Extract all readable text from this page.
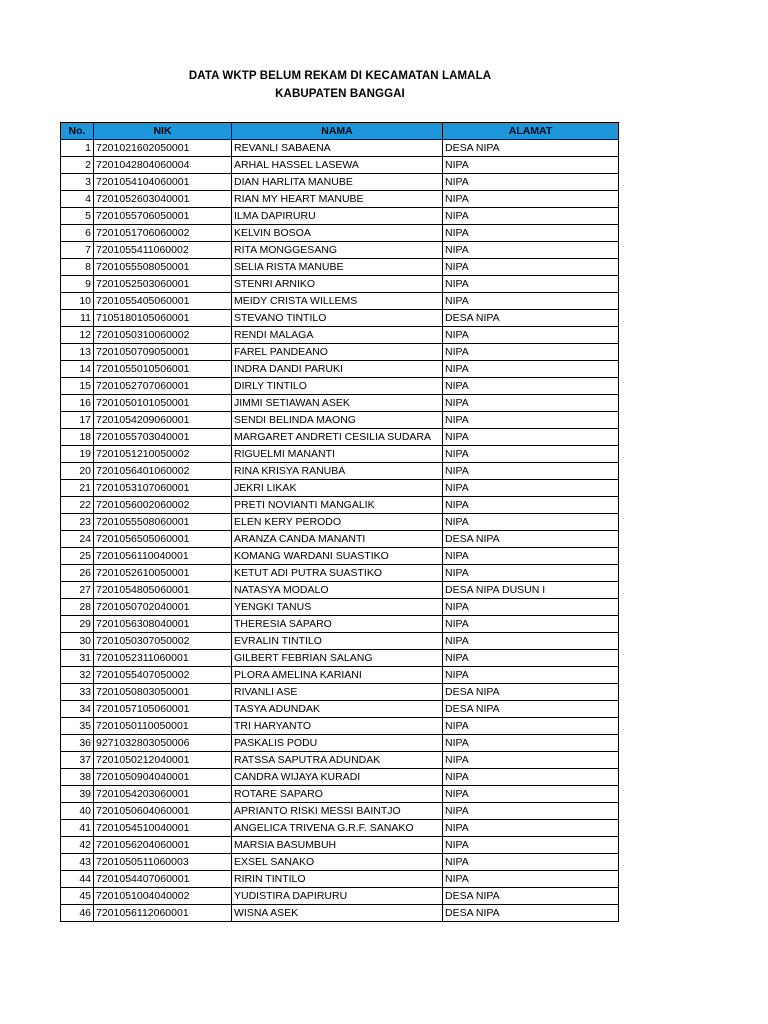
DATA WKTP BELUM REKAM DI KECAMATAN LAMALA
KABUPATEN BANGGAI
No.	NIK	NAMA	ALAMAT
1	7201021602050001	REVANLI SABAENA	DESA NIPA
2	7201042804060004	ARHAL HASSEL LASEWA	NIPA
3	7201054104060001	DIAN HARLITA MANUBE	NIPA
4	7201052603040001	RIAN MY HEART MANUBE	NIPA
5	7201055706050001	ILMA DAPIRURU	NIPA
6	7201051706060002	KELVIN BOSOA	NIPA
7	7201055411060002	RITA MONGGESANG	NIPA
8	7201055508050001	SELIA RISTA MANUBE	NIPA
9	7201052503060001	STENRI ARNIKO	NIPA
10	7201055405060001	MEIDY CRISTA WILLEMS	NIPA
11	7105180105060001	STEVANO TINTILO	DESA NIPA
12	7201050310060002	RENDI MALAGA	NIPA
13	7201050709050001	FAREL PANDEANO	NIPA
14	7201055010506001	INDRA DANDI PARUKI	NIPA
15	7201052707060001	DIRLY TINTILO	NIPA
16	7201050101050001	JIMMI SETIAWAN ASEK	NIPA
17	7201054209060001	SENDI BELINDA MAONG	NIPA
18	7201055703040001	MARGARET ANDRETI CESILIA SUDARA	NIPA
19	7201051210050002	RIGUELMI MANANTI	NIPA
20	7201056401060002	RINA KRISYA RANUBA	NIPA
21	7201053107060001	JEKRI LIKAK	NIPA
22	7201056002060002	PRETI NOVIANTI MANGALIK	NIPA
23	7201055508060001	ELEN KERY PERODO	NIPA
24	7201056505060001	ARANZA CANDA MANANTI	DESA NIPA
25	7201056110040001	KOMANG WARDANI SUASTIKO	NIPA
26	7201052610050001	KETUT ADI PUTRA SUASTIKO	NIPA
27	7201054805060001	NATASYA MODALO	DESA NIPA DUSUN I
28	7201050702040001	YENGKI TANUS	NIPA
29	7201056308040001	THERESIA SAPARO	NIPA
30	7201050307050002	EVRALIN TINTILO	NIPA
31	7201052311060001	GILBERT FEBRIAN SALANG	NIPA
32	7201055407050002	PLORA AMELINA KARIANI	NIPA
33	7201050803050001	RIVANLI ASE	DESA NIPA
34	7201057105060001	TASYA ADUNDAK	DESA NIPA
35	7201050110050001	TRI HARYANTO	NIPA
36	9271032803050006	PASKALIS PODU	NIPA
37	7201050212040001	RATSSA SAPUTRA ADUNDAK	NIPA
38	7201050904040001	CANDRA WIJAYA KURADI	NIPA
39	7201054203060001	ROTARE SAPARO	NIPA
40	7201050604060001	APRIANTO RISKI MESSI BAINTJO	NIPA
41	7201054510040001	ANGELICA TRIVENA G.R.F. SANAKO	NIPA
42	7201056204060001	MARSIA BASUMBUH	NIPA
43	7201050511060003	EXSEL SANAKO	NIPA
44	7201054407060001	RIRIN TINTILO	NIPA
45	7201051004040002	YUDISTIRA DAPIRURU	DESA NIPA
46	7201056112060001	WISNA ASEK	DESA NIPA
